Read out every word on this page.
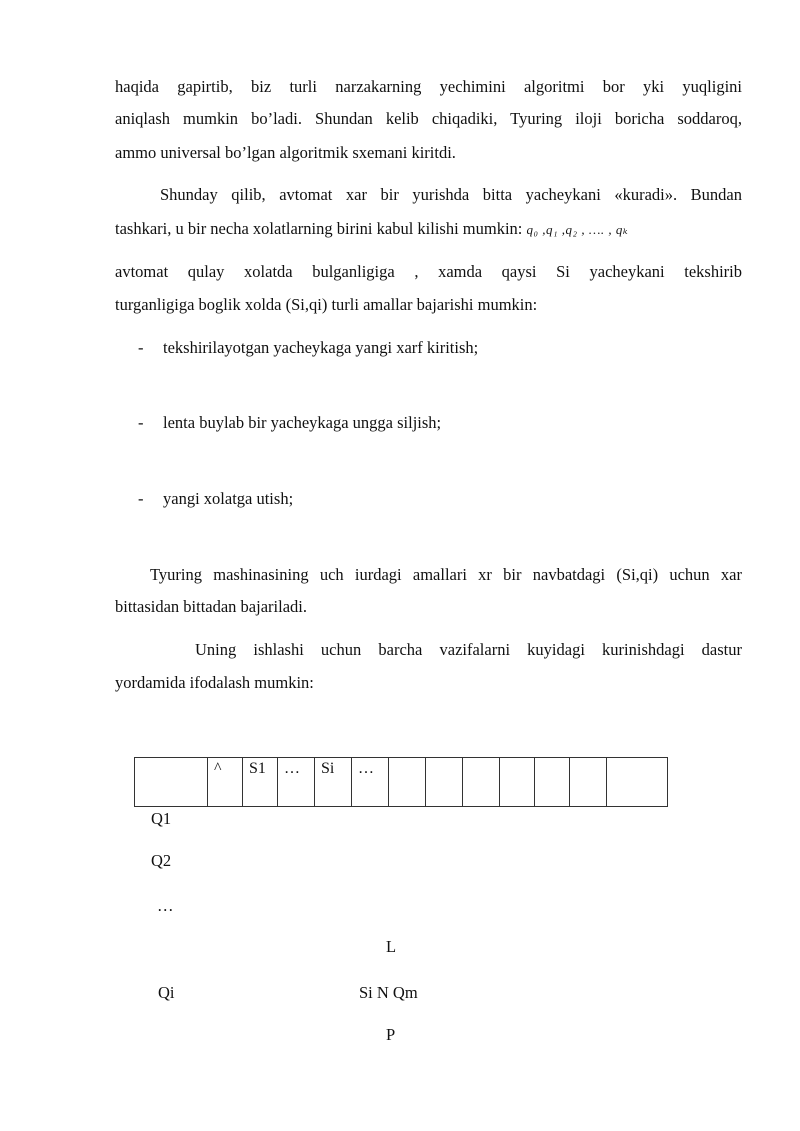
haqida gapirtib, biz turli narzakarning yechimini algoritmi bor yki yuqligini
aniqlash mumkin bo’ladi. Shundan kelib chiqadiki, Tyuring iloji boricha soddaroq,
ammo universal bo’lgan algoritmik sxemani kiritdi.
Shunday qilib, avtomat xar bir yurishda bitta yacheykani «kuradi». Bundan
tashkari, u bir necha xolatlarning birini kabul kilishi mumkin: q₀ ,q₁ ,q₂ , …. , qₖ
avtomat qulay xolatda bulganligiga , xamda qaysi Si yacheykani tekshirib
turganligiga boglik xolda (Si,qi) turli amallar bajarishi mumkin:
- tekshirilayotgan yacheykaga yangi xarf kiritish;
- lenta buylab bir yacheykaga ungga siljish;
- yangi xolatga utish;
Tyuring mashinasining uch iurdagi amallari xr bir navbatdagi (Si,qi) uchun xar
bittasidan bittadan bajariladi.
Uning ishlashi uchun barcha vazifalarni kuyidagi kurinishdagi dastur
yordamida ifodalash mumkin:
	^	S1	…	Si	…							
Q1
Q2
…
Qi
L
Si N Qm
P
